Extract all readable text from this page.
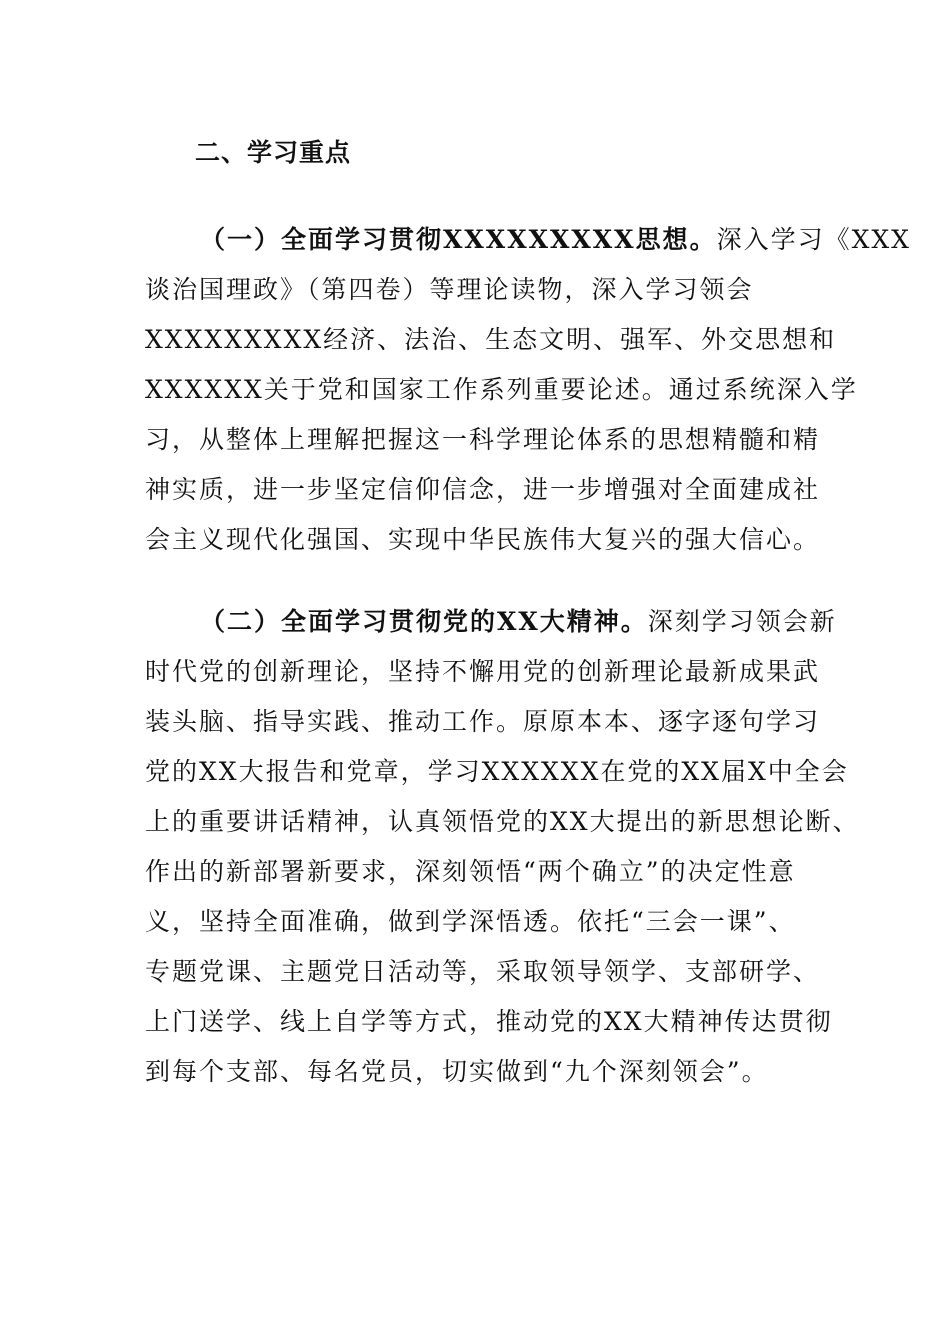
二、学习重点
（一）全面学习贯彻XXXXXXXXX思想。深入学习《XXX
谈治国理政》（第四卷）等理论读物，深入学习领会
XXXXXXXXX经济、法治、生态文明、强军、外交思想和
XXXXXX关于党和国家工作系列重要论述。通过系统深入学
习，从整体上理解把握这一科学理论体系的思想精髓和精
神实质，进一步坚定信仰信念，进一步增强对全面建成社
会主义现代化强国、实现中华民族伟大复兴的强大信心。
（二）全面学习贯彻党的XX大精神。深刻学习领会新
时代党的创新理论，坚持不懈用党的创新理论最新成果武
装头脑、指导实践、推动工作。原原本本、逐字逐句学习
党的XX大报告和党章，学习XXXXXX在党的XX届X中全会
上的重要讲话精神，认真领悟党的XX大提出的新思想论断、
作出的新部署新要求，深刻领悟“两个确立”的决定性意
义，坚持全面准确，做到学深悟透。依托“三会一课”、
专题党课、主题党日活动等，采取领导领学、支部研学、
上门送学、线上自学等方式，推动党的XX大精神传达贯彻
到每个支部、每名党员，切实做到“九个深刻领会”。
